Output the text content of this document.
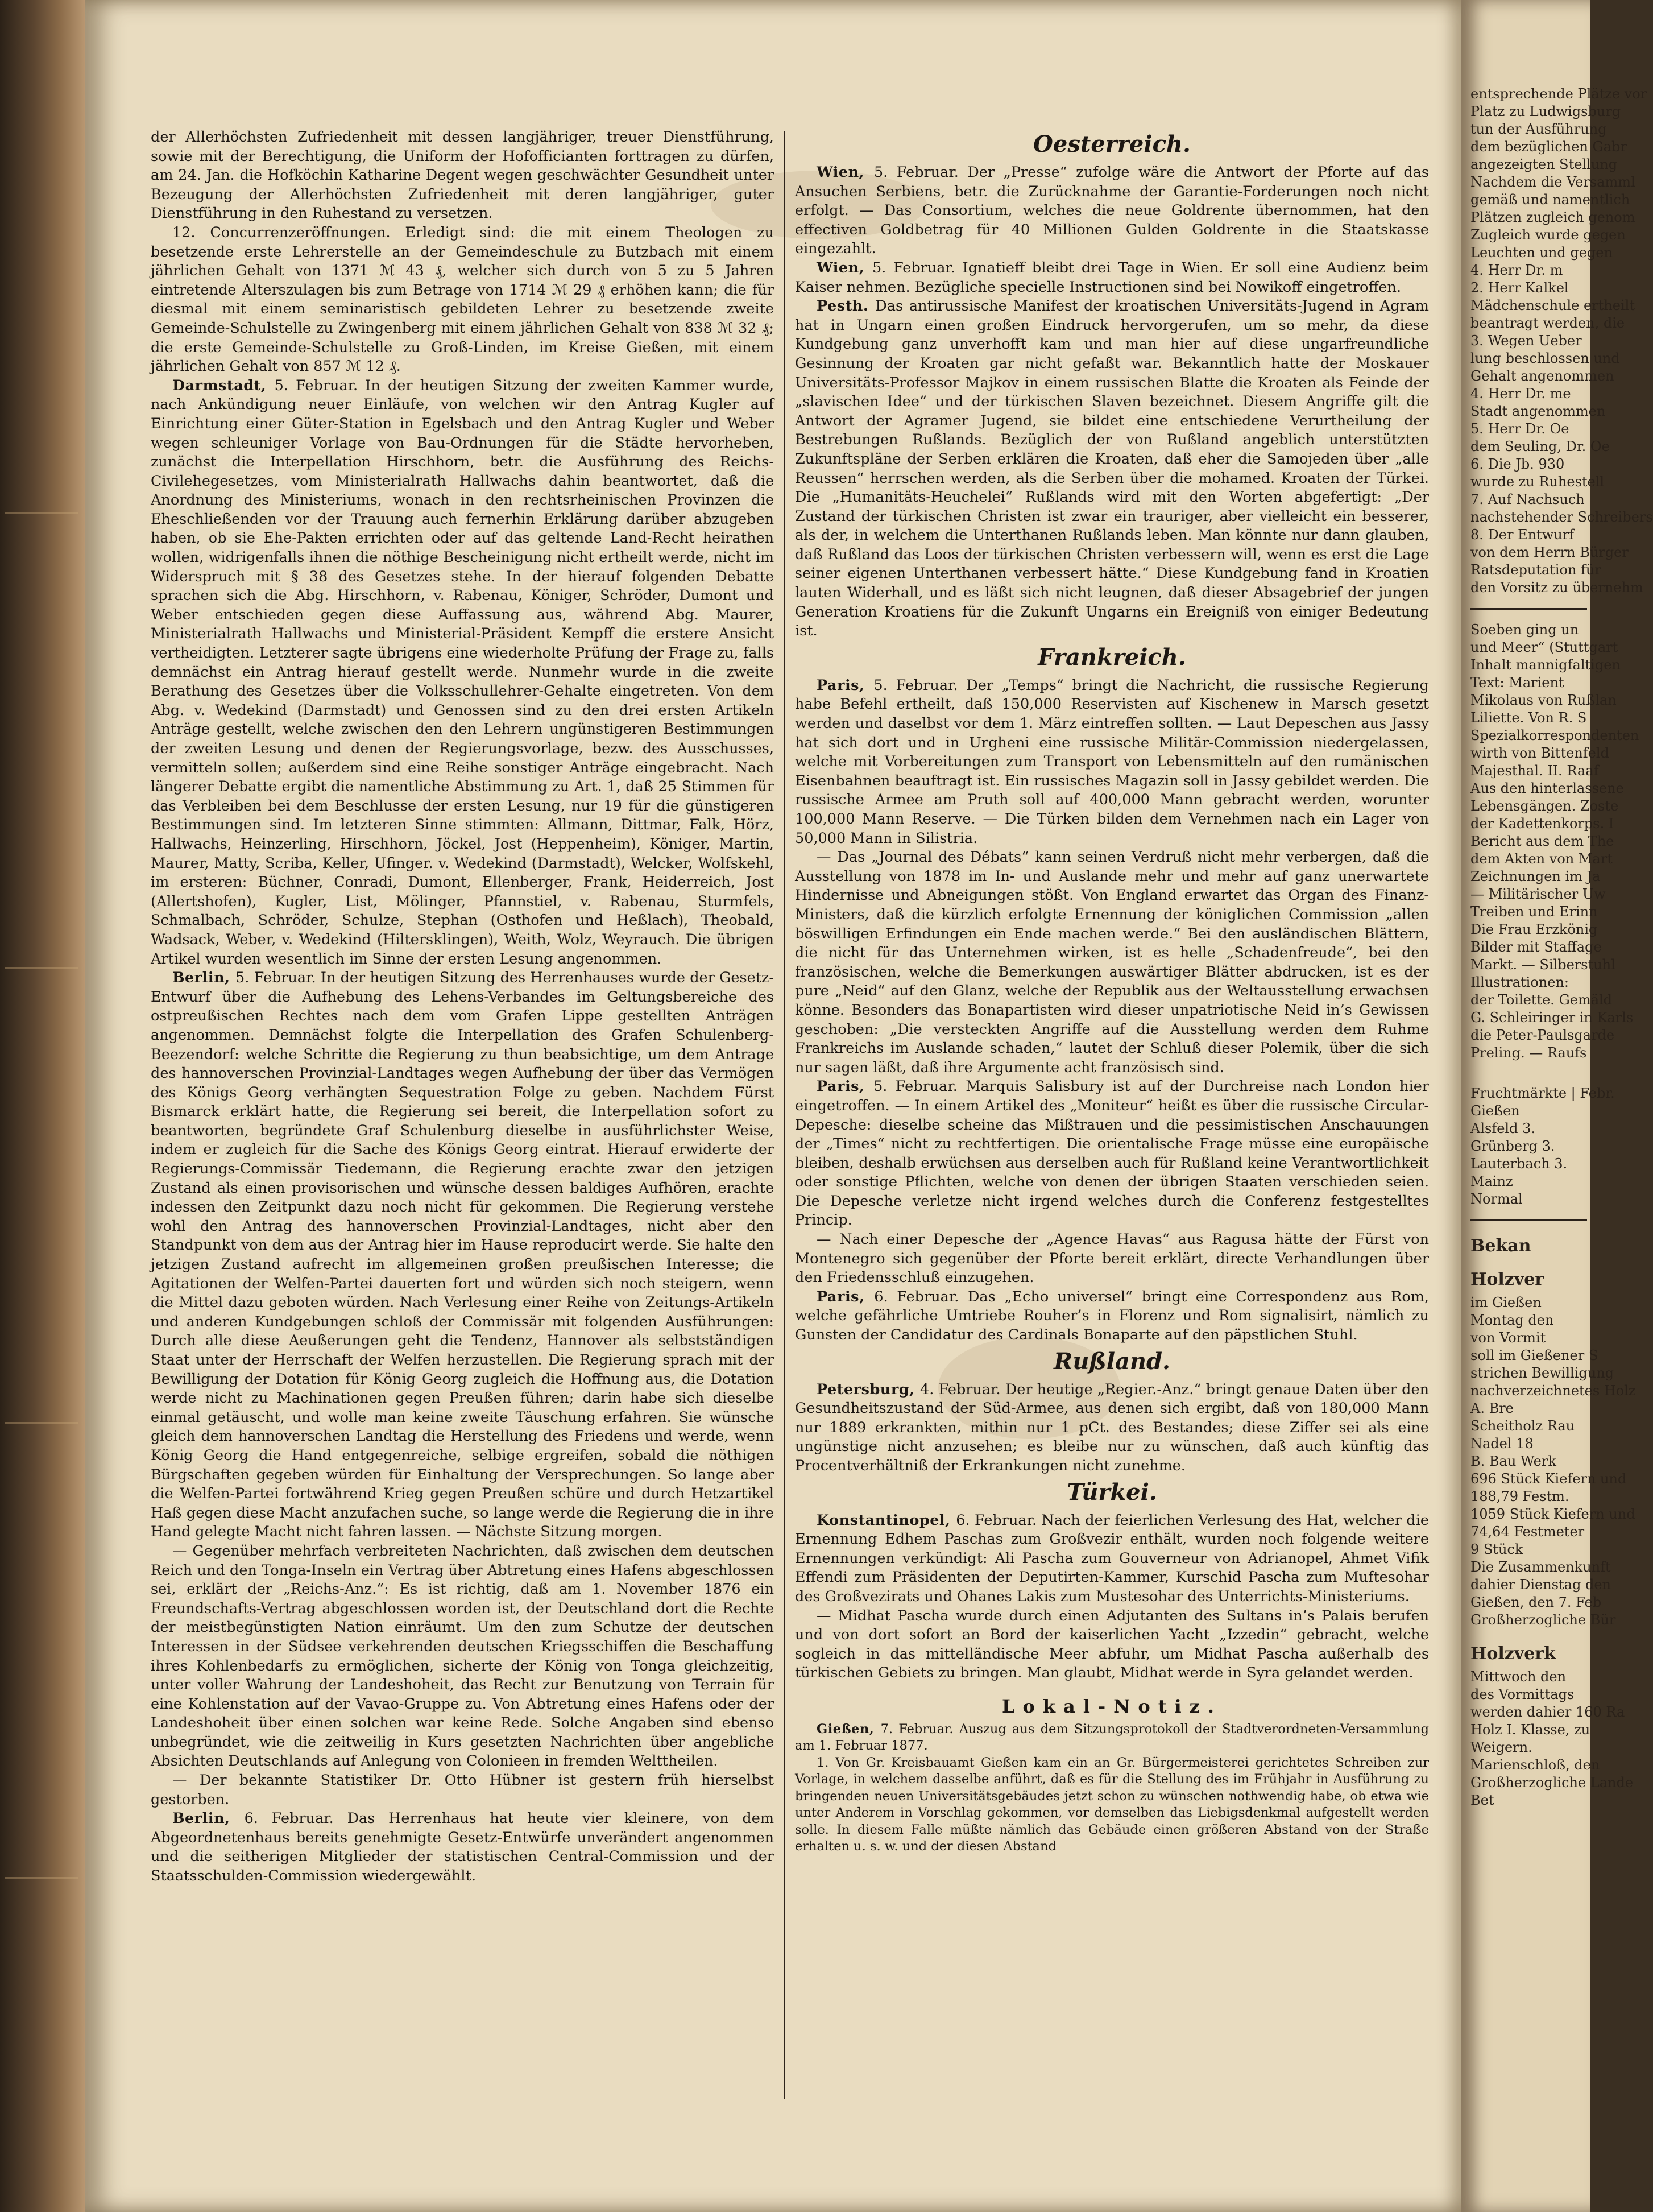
der Allerhöchsten Zufriedenheit mit dessen langjähriger, treuer Dienstführung, sowie mit der Berechtigung, die Uniform der Hofofficianten forttragen zu dürfen, am 24. Jan. die Hofköchin Katharine Degent wegen geschwächter Gesundheit unter Bezeugung der Allerhöchsten Zufriedenheit mit deren langjähriger, guter Dienstführung in den Ruhestand zu versetzen.

12. Concurrenzeröffnungen. Erledigt sind: die mit einem Theologen zu besetzende erste Lehrerstelle an der Gemeindeschule zu Butzbach mit einem jährlichen Gehalt von 1371 ℳ 43 ₰, welcher sich durch von 5 zu 5 Jahren eintretende Alterszulagen bis zum Betrage von 1714 ℳ 29 ₰ erhöhen kann; die für diesmal mit einem seminaristisch gebildeten Lehrer zu besetzende zweite Gemeinde-Schulstelle zu Zwingenberg mit einem jährlichen Gehalt von 838 ℳ 32 ₰; die erste Gemeinde-Schulstelle zu Groß-Linden, im Kreise Gießen, mit einem jährlichen Gehalt von 857 ℳ 12 ₰.

Darmstadt, 5. Februar. In der heutigen Sitzung der zweiten Kammer wurde, nach Ankündigung neuer Einläufe, von welchen wir den Antrag Kugler auf Einrichtung einer Güter-Station in Egelsbach und den Antrag Kugler und Weber wegen schleuniger Vorlage von Bau-Ordnungen für die Städte hervorheben, zunächst die Interpellation Hirschhorn, betr. die Ausführung des Reichs-Civilehegesetzes, vom Ministerialrath Hallwachs dahin beantwortet, daß die Anordnung des Ministeriums, wonach in den rechtsrheinischen Provinzen die Eheschließenden vor der Trauung auch fernerhin Erklärung darüber abzugeben haben, ob sie Ehe-Pakten errichten oder auf das geltende Land-Recht heirathen wollen, widrigenfalls ihnen die nöthige Bescheinigung nicht ertheilt werde, nicht im Widerspruch mit § 38 des Gesetzes stehe. In der hierauf folgenden Debatte sprachen sich die Abg. Hirschhorn, v. Rabenau, Königer, Schröder, Dumont und Weber entschieden gegen diese Auffassung aus, während Abg. Maurer, Ministerialrath Hallwachs und Ministerial-Präsident Kempff die erstere Ansicht vertheidigten. Letzterer sagte übrigens eine wiederholte Prüfung der Frage zu, falls demnächst ein Antrag hierauf gestellt werde. Nunmehr wurde in die zweite Berathung des Gesetzes über die Volksschullehrer-Gehalte eingetreten. Von dem Abg. v. Wedekind (Darmstadt) und Genossen sind zu den drei ersten Artikeln Anträge gestellt, welche zwischen den den Lehrern ungünstigeren Bestimmungen der zweiten Lesung und denen der Regierungsvorlage, bezw. des Ausschusses, vermitteln sollen; außerdem sind eine Reihe sonstiger Anträge eingebracht. Nach längerer Debatte ergibt die namentliche Abstimmung zu Art. 1, daß 25 Stimmen für das Verbleiben bei dem Beschlusse der ersten Lesung, nur 19 für die günstigeren Bestimmungen sind. Im letzteren Sinne stimmten: Allmann, Dittmar, Falk, Hörz, Hallwachs, Heinzerling, Hirschhorn, Jöckel, Jost (Heppenheim), Königer, Martin, Maurer, Matty, Scriba, Keller, Ufinger. v. Wedekind (Darmstadt), Welcker, Wolfskehl, im ersteren: Büchner, Conradi, Dumont, Ellenberger, Frank, Heiderreich, Jost (Allertshofen), Kugler, List, Mölinger, Pfannstiel, v. Rabenau, Sturmfels, Schmalbach, Schröder, Schulze, Stephan (Osthofen und Heßlach), Theobald, Wadsack, Weber, v. Wedekind (Hiltersklingen), Weith, Wolz, Weyrauch. Die übrigen Artikel wurden wesentlich im Sinne der ersten Lesung angenommen.

Berlin, 5. Februar. In der heutigen Sitzung des Herrenhauses wurde der Gesetz-Entwurf über die Aufhebung des Lehens-Verbandes im Geltungsbereiche des ostpreußischen Rechtes nach dem vom Grafen Lippe gestellten Anträgen angenommen. Demnächst folgte die Interpellation des Grafen Schulenberg-Beezendorf: welche Schritte die Regierung zu thun beabsichtige, um dem Antrage des hannoverschen Provinzial-Landtages wegen Aufhebung der über das Vermögen des Königs Georg verhängten Sequestration Folge zu geben. Nachdem Fürst Bismarck erklärt hatte, die Regierung sei bereit, die Interpellation sofort zu beantworten, begründete Graf Schulenburg dieselbe in ausführlichster Weise, indem er zugleich für die Sache des Königs Georg eintrat. Hierauf erwiderte der Regierungs-Commissär Tiedemann, die Regierung erachte zwar den jetzigen Zustand als einen provisorischen und wünsche dessen baldiges Aufhören, erachte indessen den Zeitpunkt dazu noch nicht für gekommen. Die Regierung verstehe wohl den Antrag des hannoverschen Provinzial-Landtages, nicht aber den Standpunkt von dem aus der Antrag hier im Hause reproducirt werde. Sie halte den jetzigen Zustand aufrecht im allgemeinen großen preußischen Interesse; die Agitationen der Welfen-Partei dauerten fort und würden sich noch steigern, wenn die Mittel dazu geboten würden. Nach Verlesung einer Reihe von Zeitungs-Artikeln und anderen Kundgebungen schloß der Commissär mit folgenden Ausführungen: Durch alle diese Aeußerungen geht die Tendenz, Hannover als selbstständigen Staat unter der Herrschaft der Welfen herzustellen. Die Regierung sprach mit der Bewilligung der Dotation für König Georg zugleich die Hoffnung aus, die Dotation werde nicht zu Machinationen gegen Preußen führen; darin habe sich dieselbe einmal getäuscht, und wolle man keine zweite Täuschung erfahren. Sie wünsche gleich dem hannoverschen Landtag die Herstellung des Friedens und werde, wenn König Georg die Hand entgegenreiche, selbige ergreifen, sobald die nöthigen Bürgschaften gegeben würden für Einhaltung der Versprechungen. So lange aber die Welfen-Partei fortwährend Krieg gegen Preußen schüre und durch Hetzartikel Haß gegen diese Macht anzufachen suche, so lange werde die Regierung die in ihre Hand gelegte Macht nicht fahren lassen. — Nächste Sitzung morgen.

— Gegenüber mehrfach verbreiteten Nachrichten, daß zwischen dem deutschen Reich und den Tonga-Inseln ein Vertrag über Abtretung eines Hafens abgeschlossen sei, erklärt der „Reichs-Anz.“: Es ist richtig, daß am 1. November 1876 ein Freundschafts-Vertrag abgeschlossen worden ist, der Deutschland dort die Rechte der meistbegünstigten Nation einräumt. Um den zum Schutze der deutschen Interessen in der Südsee verkehrenden deutschen Kriegsschiffen die Beschaffung ihres Kohlenbedarfs zu ermöglichen, sicherte der König von Tonga gleichzeitig, unter voller Wahrung der Landeshoheit, das Recht zur Benutzung von Terrain für eine Kohlenstation auf der Vavao-Gruppe zu. Von Abtretung eines Hafens oder der Landeshoheit über einen solchen war keine Rede. Solche Angaben sind ebenso unbegründet, wie die zeitweilig in Kurs gesetzten Nachrichten über angebliche Absichten Deutschlands auf Anlegung von Colonieen in fremden Welttheilen.

— Der bekannte Statistiker Dr. Otto Hübner ist gestern früh hierselbst gestorben.

Berlin, 6. Februar. Das Herrenhaus hat heute vier kleinere, von dem Abgeordnetenhaus bereits genehmigte Gesetz-Entwürfe unverändert angenommen und die seitherigen Mitglieder der statistischen Central-Commission und der Staatsschulden-Commission wiedergewählt.

Oesterreich.

Wien, 5. Februar. Der „Presse“ zufolge wäre die Antwort der Pforte auf das Ansuchen Serbiens, betr. die Zurücknahme der Garantie-Forderungen noch nicht erfolgt. — Das Consortium, welches die neue Goldrente übernommen, hat den effectiven Goldbetrag für 40 Millionen Gulden Goldrente in die Staatskasse eingezahlt.

Wien, 5. Februar. Ignatieff bleibt drei Tage in Wien. Er soll eine Audienz beim Kaiser nehmen. Bezügliche specielle Instructionen sind bei Nowikoff eingetroffen.

Pesth. Das antirussische Manifest der kroatischen Universitäts-Jugend in Agram hat in Ungarn einen großen Eindruck hervorgerufen, um so mehr, da diese Kundgebung ganz unverhofft kam und man hier auf diese ungarfreundliche Gesinnung der Kroaten gar nicht gefaßt war. Bekanntlich hatte der Moskauer Universitäts-Professor Majkov in einem russischen Blatte die Kroaten als Feinde der „slavischen Idee“ und der türkischen Slaven bezeichnet. Diesem Angriffe gilt die Antwort der Agramer Jugend, sie bildet eine entschiedene Verurtheilung der Bestrebungen Rußlands. Bezüglich der von Rußland angeblich unterstützten Zukunftspläne der Serben erklären die Kroaten, daß eher die Samojeden über „alle Reussen“ herrschen werden, als die Serben über die mohamed. Kroaten der Türkei. Die „Humanitäts-Heuchelei“ Rußlands wird mit den Worten abgefertigt: „Der Zustand der türkischen Christen ist zwar ein trauriger, aber vielleicht ein besserer, als der, in welchem die Unterthanen Rußlands leben. Man könnte nur dann glauben, daß Rußland das Loos der türkischen Christen verbessern will, wenn es erst die Lage seiner eigenen Unterthanen verbessert hätte.“ Diese Kundgebung fand in Kroatien lauten Widerhall, und es läßt sich nicht leugnen, daß dieser Absagebrief der jungen Generation Kroatiens für die Zukunft Ungarns ein Ereigniß von einiger Bedeutung ist.

Frankreich.

Paris, 5. Februar. Der „Temps“ bringt die Nachricht, die russische Regierung habe Befehl ertheilt, daß 150,000 Reservisten auf Kischenew in Marsch gesetzt werden und daselbst vor dem 1. März eintreffen sollten. — Laut Depeschen aus Jassy hat sich dort und in Urgheni eine russische Militär-Commission niedergelassen, welche mit Vorbereitungen zum Transport von Lebensmitteln auf den rumänischen Eisenbahnen beauftragt ist. Ein russisches Magazin soll in Jassy gebildet werden. Die russische Armee am Pruth soll auf 400,000 Mann gebracht werden, worunter 100,000 Mann Reserve. — Die Türken bilden dem Vernehmen nach ein Lager von 50,000 Mann in Silistria.

— Das „Journal des Débats“ kann seinen Verdruß nicht mehr verbergen, daß die Ausstellung von 1878 im In- und Auslande mehr und mehr auf ganz unerwartete Hindernisse und Abneigungen stößt. Von England erwartet das Organ des Finanz-Ministers, daß die kürzlich erfolgte Ernennung der königlichen Commission „allen böswilligen Erfindungen ein Ende machen werde.“ Bei den ausländischen Blättern, die nicht für das Unternehmen wirken, ist es helle „Schadenfreude“, bei den französischen, welche die Bemerkungen auswärtiger Blätter abdrucken, ist es der pure „Neid“ auf den Glanz, welche der Republik aus der Weltausstellung erwachsen könne. Besonders das Bonapartisten wird dieser unpatriotische Neid in’s Gewissen geschoben: „Die versteckten Angriffe auf die Ausstellung werden dem Ruhme Frankreichs im Auslande schaden,“ lautet der Schluß dieser Polemik, über die sich nur sagen läßt, daß ihre Argumente acht französisch sind.

Paris, 5. Februar. Marquis Salisbury ist auf der Durchreise nach London hier eingetroffen. — In einem Artikel des „Moniteur“ heißt es über die russische Circular-Depesche: dieselbe scheine das Mißtrauen und die pessimistischen Anschauungen der „Times“ nicht zu rechtfertigen. Die orientalische Frage müsse eine europäische bleiben, deshalb erwüchsen aus derselben auch für Rußland keine Verantwortlichkeit oder sonstige Pflichten, welche von denen der übrigen Staaten verschieden seien. Die Depesche verletze nicht irgend welches durch die Conferenz festgestelltes Princip.

— Nach einer Depesche der „Agence Havas“ aus Ragusa hätte der Fürst von Montenegro sich gegenüber der Pforte bereit erklärt, directe Verhandlungen über den Friedensschluß einzugehen.

Paris, 6. Februar. Das „Echo universel“ bringt eine Correspondenz aus Rom, welche gefährliche Umtriebe Rouher’s in Florenz und Rom signalisirt, nämlich zu Gunsten der Candidatur des Cardinals Bonaparte auf den päpstlichen Stuhl.

Rußland.

Petersburg, 4. Februar. Der heutige „Regier.-Anz.“ bringt genaue Daten über den Gesundheitszustand der Süd-Armee, aus denen sich ergibt, daß von 180,000 Mann nur 1889 erkrankten, mithin nur 1 pCt. des Bestandes; diese Ziffer sei als eine ungünstige nicht anzusehen; es bleibe nur zu wünschen, daß auch künftig das Procentverhältniß der Erkrankungen nicht zunehme.

Türkei.

Konstantinopel, 6. Februar. Nach der feierlichen Verlesung des Hat, welcher die Ernennung Edhem Paschas zum Großvezir enthält, wurden noch folgende weitere Ernennungen verkündigt: Ali Pascha zum Gouverneur von Adrianopel, Ahmet Vifik Effendi zum Präsidenten der Deputirten-Kammer, Kurschid Pascha zum Muftesohar des Großvezirats und Ohanes Lakis zum Mustesohar des Unterrichts-Ministeriums.

— Midhat Pascha wurde durch einen Adjutanten des Sultans in’s Palais berufen und von dort sofort an Bord der kaiserlichen Yacht „Izzedin“ gebracht, welche sogleich in das mittelländische Meer abfuhr, um Midhat Pascha außerhalb des türkischen Gebiets zu bringen. Man glaubt, Midhat werde in Syra gelandet werden.

Lokal-Notiz.

Gießen, 7. Februar. Auszug aus dem Sitzungsprotokoll der Stadtverordneten-Versammlung am 1. Februar 1877.

1. Von Gr. Kreisbauamt Gießen kam ein an Gr. Bürgermeisterei gerichtetes Schreiben zur Vorlage, in welchem dasselbe anführt, daß es für die Stellung des im Frühjahr in Ausführung zu bringenden neuen Universitätsgebäudes jetzt schon zu wünschen nothwendig habe, ob etwa wie unter Anderem in Vorschlag gekommen, vor demselben das Liebigsdenkmal aufgestellt werden solle. In diesem Falle müßte nämlich das Gebäude einen größeren Abstand von der Straße erhalten u. s. w. und der diesen Abstand

entsprechende Plätze vor
Platz zu Ludwigsburg
tun der Ausführung
dem bezüglichen Gabr
angezeigten Stellung
Nachdem die Versamml
gemäß und namentlich
Plätzen zugleich genom
Zugleich wurde gegen
Leuchten und gegen
4. Herr Dr. m
2. Herr Kalkel
Mädchenschule ertheilt
beantragt werden, die
3. Wegen Ueber
lung beschlossen und
Gehalt angenommen
4. Herr Dr. me
Stadt angenommen
5. Herr Dr. Oe
dem Seuling, Dr. Oe
6. Die Jb. 930
wurde zu Ruhestell
7. Auf Nachsuch
nachstehender Schreibers
8. Der Entwurf
von dem Herrn Bürger
Ratsdeputation für
den Vorsitz zu übernehm
Soeben ging un
und Meer“ (Stuttgart
Inhalt mannigfaltigen
Text: Marient
Mikolaus von Rußlan
Liliette. Von R. S
Spezialkorrespondenten
wirth von Bittenfeld
Majesthal. II. Raaf
Aus den hinterlassene
Lebensgängen. Zoste
der Kadettenkorps. I
Bericht aus dem The
dem Akten von Mart
Zeichnungen im Ja
— Militärischer Uw
Treiben und Erinn
Die Frau Erzkönig
Bilder mit Staffage
Markt. — Silberstuhl
Illustrationen:
der Toilette. Gemäld
G. Schleiringer in Karls
die Peter-Paulsgarde
Preling. — Raufs
Fruchtmärkte | Febr.
Gießen
Alsfeld 3.
Grünberg 3.
Lauterbach 3.
Mainz
Normal
Bekan
Holzver
im Gießen
Montag den
von Vormit
soll im Gießener S
strichen Bewilligung
nachverzeichnetes Holz
A. Bre
Scheitholz Rau
Nadel 18
B. Bau Werk
696 Stück Kiefern und
188,79 Festm.
1059 Stück Kiefern und
74,64 Festmeter
9 Stück
Die Zusammenkunft
dahier Dienstag den
Gießen, den 7. Feb
Großherzogliche Bür
Holzverk
Mittwoch den
des Vormittags
werden dahier 160 Ra
Holz I. Klasse, zu
Weigern.
Marienschloß, den
Großherzogliche Lande
Bet
